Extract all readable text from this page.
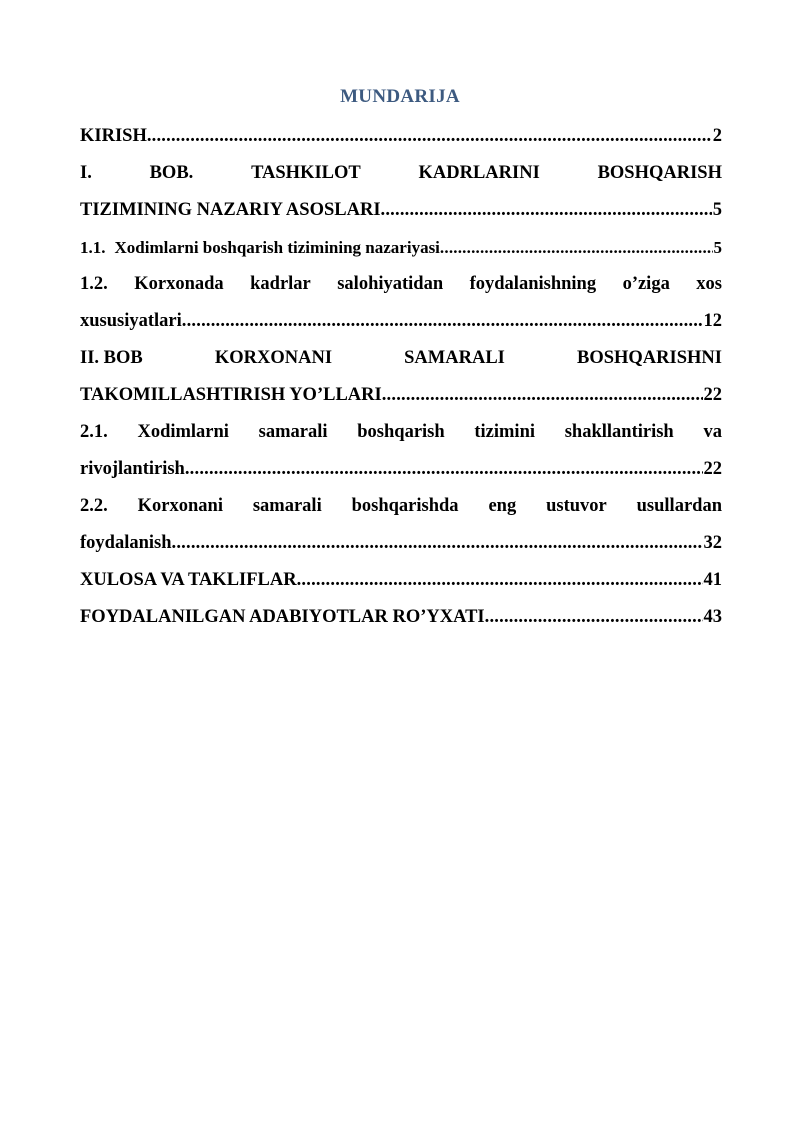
MUNDARIJA
KIRISH .....	2
I.	BOB.	TASHKILOT	KADRLARINI	BOSHQARISH
TIZIMINING NAZARIY ASOSLARI .....	5
1.1. Xodimlarni boshqarish tizimining nazariyasi .....	5
1.2. Korxonada kadrlar salohiyatidan foydalanishning o’ziga xos
xususiyatlari .....	12
II. BOB	KORXONANI	SAMARALI	BOSHQARISHNI
TAKOMILLASHTIRISH YO’LLARI .....	22
2.1. Xodimlarni samarali boshqarish tizimini shakllantirish va
rivojlantirish .....	22
2.2. Korxonani samarali boshqarishda eng ustuvor usullardan
foydalanish .....	32
XULOSA VA TAKLIFLAR .....	41
FOYDALANILGAN ADABIYOTLAR RO’YXATI .....	43
